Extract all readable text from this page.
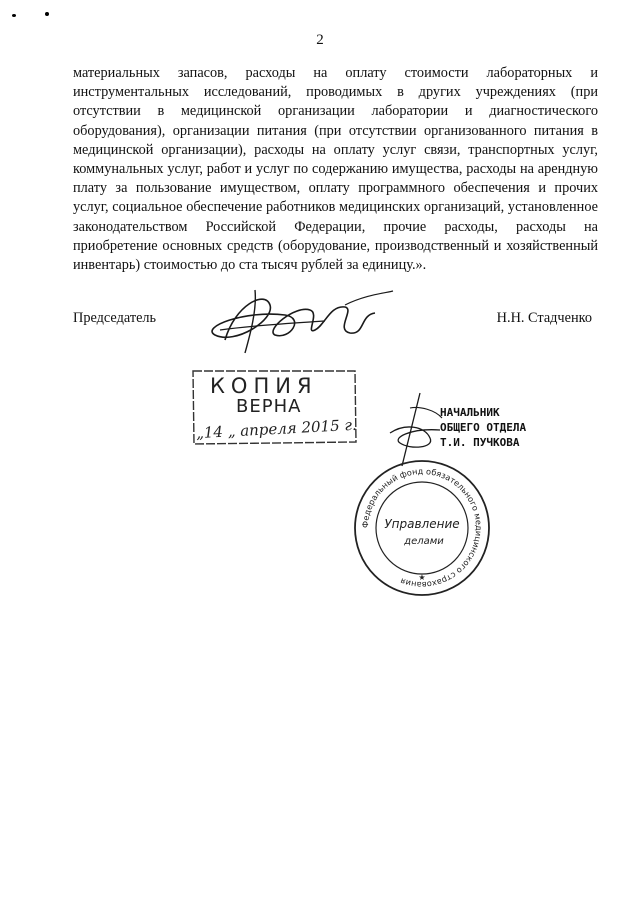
2

материальных запасов, расходы на оплату стоимости лабораторных и инструментальных исследований, проводимых в других учреждениях (при отсутствии в медицинской организации лаборатории и диагностического оборудования), организации питания (при отсутствии организованного питания в медицинской организации), расходы на оплату услуг связи, транспортных услуг, коммунальных услуг, работ и услуг по содержанию имущества, расходы на арендную плату за пользование имуществом, оплату программного обеспечения и прочих услуг, социальное обеспечение работников медицинских организаций, установленное законодательством Российской Федерации, прочие расходы, расходы на приобретение основных средств (оборудование, производственный и хозяйственный инвентарь) стоимостью до ста тысяч рублей за единицу.».

Председатель	Н.Н. Стадченко
КОПИЯ
ВЕРНА
„14 „ апреля 2015 г.
НАЧАЛЬНИК
ОБЩЕГО ОТДЕЛА
Т.И. ПУЧКОВА
Федеральный фонд обязательного медицинского страхования
Управление
делами
★
